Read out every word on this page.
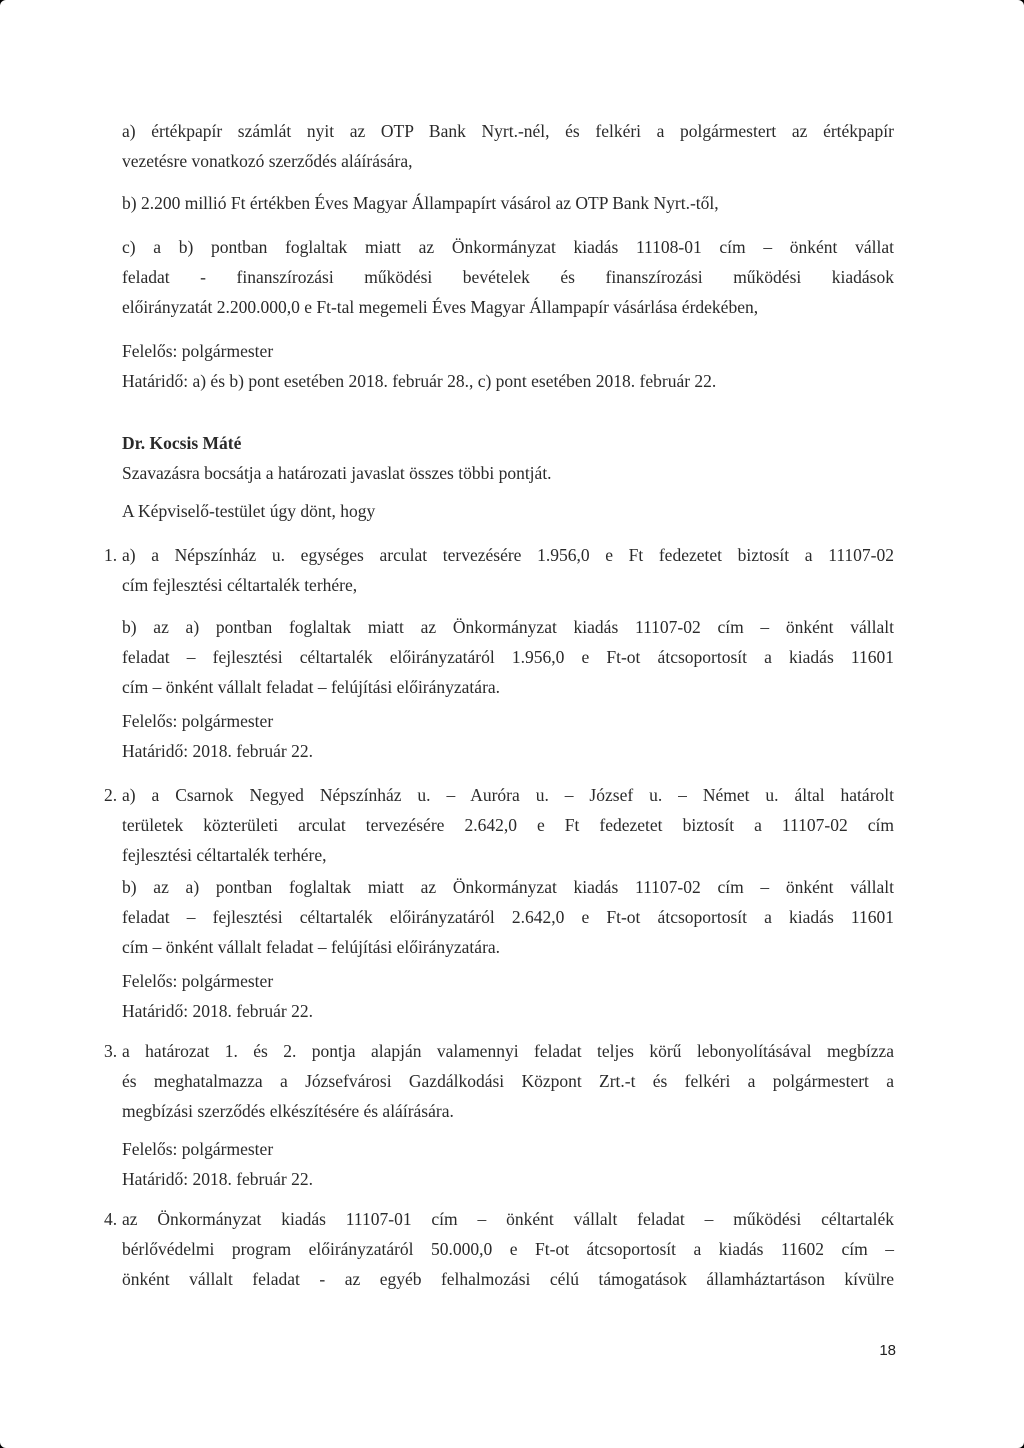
a) értékpapír számlát nyit az OTP Bank Nyrt.-nél, és felkéri a polgármestert az értékpapír

vezetésre vonatkozó szerződés aláírására,

b) 2.200 millió Ft értékben Éves Magyar Állampapírt vásárol az OTP Bank Nyrt.-től,

c) a b) pontban foglaltak miatt az Önkormányzat kiadás 11108-01 cím – önként vállat

feladat - finanszírozási működési bevételek és finanszírozási működési kiadások

előirányzatát 2.200.000,0 e Ft-tal megemeli Éves Magyar Állampapír vásárlása érdekében,

Felelős: polgármester

Határidő: a) és b) pont esetében 2018. február 28., c) pont esetében 2018. február 22.

Dr. Kocsis Máté

Szavazásra bocsátja a határozati javaslat összes többi pontját.

A Képviselő-testület úgy dönt, hogy

1. a) a Népszínház u. egységes arculat tervezésére 1.956,0 e Ft fedezetet biztosít a 11107-02

cím fejlesztési céltartalék terhére,

b) az a) pontban foglaltak miatt az Önkormányzat kiadás 11107-02 cím – önként vállalt

feladat – fejlesztési céltartalék előirányzatáról 1.956,0 e Ft-ot átcsoportosít a kiadás 11601

cím – önként vállalt feladat – felújítási előirányzatára.

Felelős: polgármester

Határidő: 2018. február 22.

2. a) a Csarnok Negyed Népszínház u. – Auróra u. – József u. – Német u. által határolt

területek közterületi arculat tervezésére 2.642,0 e Ft fedezetet biztosít a 11107-02 cím

fejlesztési céltartalék terhére,

b) az a) pontban foglaltak miatt az Önkormányzat kiadás 11107-02 cím – önként vállalt

feladat – fejlesztési céltartalék előirányzatáról 2.642,0 e Ft-ot átcsoportosít a kiadás 11601

cím – önként vállalt feladat – felújítási előirányzatára.

Felelős: polgármester

Határidő: 2018. február 22.

3. a határozat 1. és 2. pontja alapján valamennyi feladat teljes körű lebonyolításával megbízza

és meghatalmazza a Józsefvárosi Gazdálkodási Központ Zrt.-t és felkéri a polgármestert a

megbízási szerződés elkészítésére és aláírására.

Felelős: polgármester

Határidő: 2018. február 22.

4. az Önkormányzat kiadás 11107-01 cím – önként vállalt feladat – működési céltartalék

bérlővédelmi program előirányzatáról 50.000,0 e Ft-ot átcsoportosít a kiadás 11602 cím –

önként vállalt feladat - az egyéb felhalmozási célú támogatások államháztartáson kívülre

18
